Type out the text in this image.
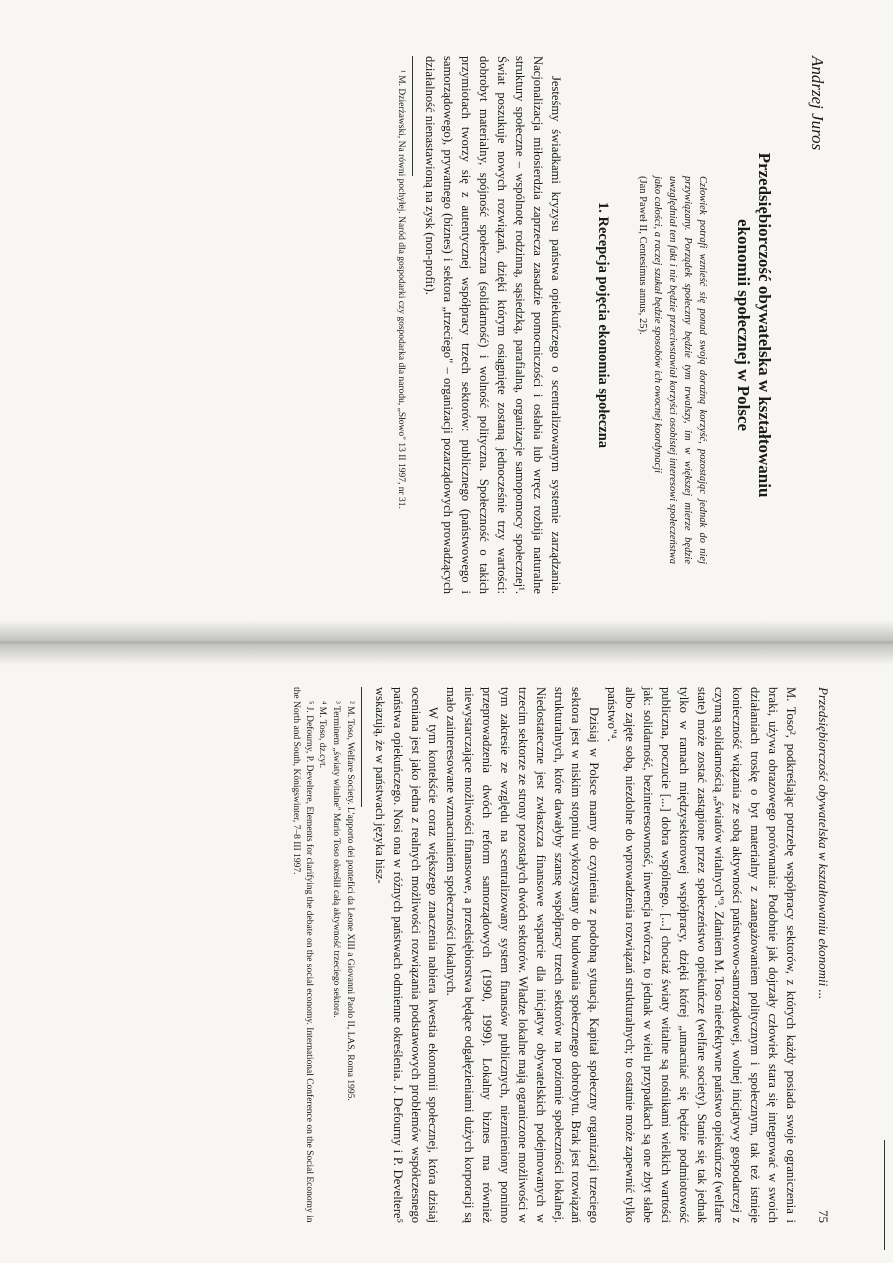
Andrzej Juros
Przedsiębiorczość obywatelska w kształtowaniu
ekonomii społecznej w Polsce
Człowiek potrafi wznieść się ponad swoją doraźną korzyść, pozostając jednak do niej przywiązany. Porządek społeczny będzie tym trwalszy, im w większej mierze będzie uwzględniał ten fakt i nie będzie przeciwstawiał korzyści osobistej interesowi społeczeństwa jako całości, a raczej szukał będzie sposobów ich owocnej koordynacji
(Jan Paweł II, Centesimus annus, 25).
1. Recepcja pojęcia ekonomia społeczna

Jesteśmy świadkami kryzysu państwa opiekuńczego o scentralizowanym systemie zarządzania. Nacjonalizacja miłosierdzia zaprzecza zasadzie pomocniczości i osłabia lub wręcz rozbija naturalne struktury społeczne – wspólnotę rodzinną, sąsiedzką, parafialną, organizacje samopomocy społecznej¹. Świat poszukuje nowych rozwiązań, dzięki którym osiągnięte zostaną jednocześnie trzy wartości: dobrobyt materialny, spójność społeczna (solidarność) i wolność polityczna. Społeczność o takich przymiotach tworzy się z autentycznej współpracy trzech sektorów: publicznego (państwowego i samorządowego), prywatnego (biznes) i sektora „trzeciego" – organizacji pozarządowych prowadzących działalność nienastawioną na zysk (non-profit).

¹ M. Dzierżawski, Na równi pochyłej. Naród dla gospodarki czy gospodarka dla narodu, „Słowo" 13 II 1997, nr 31.

Przedsiębiorczość obywatelska w kształtowaniu ekonomii ...
75

M. Toso², podkreślając potrzebę współpracy sektorów, z których każdy posiada swoje ograniczenia i braki, używa obrazowego porównania: Podobnie jak dojrzały człowiek stara się integrować w swoich działaniach troskę o byt materialny z zaangażowaniem politycznym i społecznym, tak też istnieje konieczność wiązania ze sobą aktywności państwowo-samorządowej, wolnej inicjatywy gospodarczej z czynną solidarnością „światów witalnych"³. Zdaniem M. Toso nieefektywne państwo opiekuńcze (welfare state) może zostać zastąpione przez społeczeństwo opiekuńcze (welfare society). Stanie się tak jednak tylko w ramach międzysektorowej współpracy, dzięki której „umacniać się będzie podmiotowość publiczna, poczucie [...] dobra wspólnego. [...] chociaż światy witalne są nośnikami wielkich wartości jak: solidarność, bezinteresowność, inwencja twórcza, to jednak w wielu przypadkach są one zbyt słabe albo zajęte sobą, niezdolne do wprowadzenia rozwiązań strukturalnych; to ostatnie może zapewnić tylko państwo"⁴.

Dzisiaj w Polsce mamy do czynienia z podobną sytuacją. Kapitał społeczny organizacji trzeciego sektora jest w niskim stopniu wykorzystany do budowania społecznego dobrobytu. Brak jest rozwiązań strukturalnych, które dawałyby szansę współpracy trzech sektorów na poziomie społeczności lokalnej. Niedostateczne jest zwłaszcza finansowe wsparcie dla inicjatyw obywatelskich podejmowanych w trzecim sektorze ze strony pozostałych dwóch sektorów. Władze lokalne mają ograniczone możliwości w tym zakresie ze względu na scentralizowany system finansów publicznych, niezmieniony pomimo przeprowadzenia dwóch reform samorządowych (1990, 1999). Lokalny biznes ma również niewystarczające możliwości finansowe, a przedsiębiorstwa będące odgałęzieniami dużych korporacji są mało zainteresowane wzmacnianiem społeczności lokalnych.

W tym kontekście coraz większego znaczenia nabiera kwestia ekonomii społecznej, która dzisiaj oceniana jest jako jedna z realnych możliwości rozwiązania podstawowych problemów współczesnego państwa opiekuńczego. Nosi ona w różnych państwach odmienne określenia. J. Defourny i P. Develtere⁵ wskazują, że w państwach języka hisz-

² M. Toso, Welfare Society. L'apporto dei pontefici da Leone XIII a Giovanni Paolo II, LAS, Roma 1995.

³ Terminem „światy witalne" Mario Toso określił całą aktywność trzeciego sektora.

⁴ M. Toso, dz.cyt.

⁵ J. Defourny, P. Develtere, Elements for clarifying the debate on the social economy. International Conference on the Social Economy in the North and South, Königswinter, 7–8 III 1997.
